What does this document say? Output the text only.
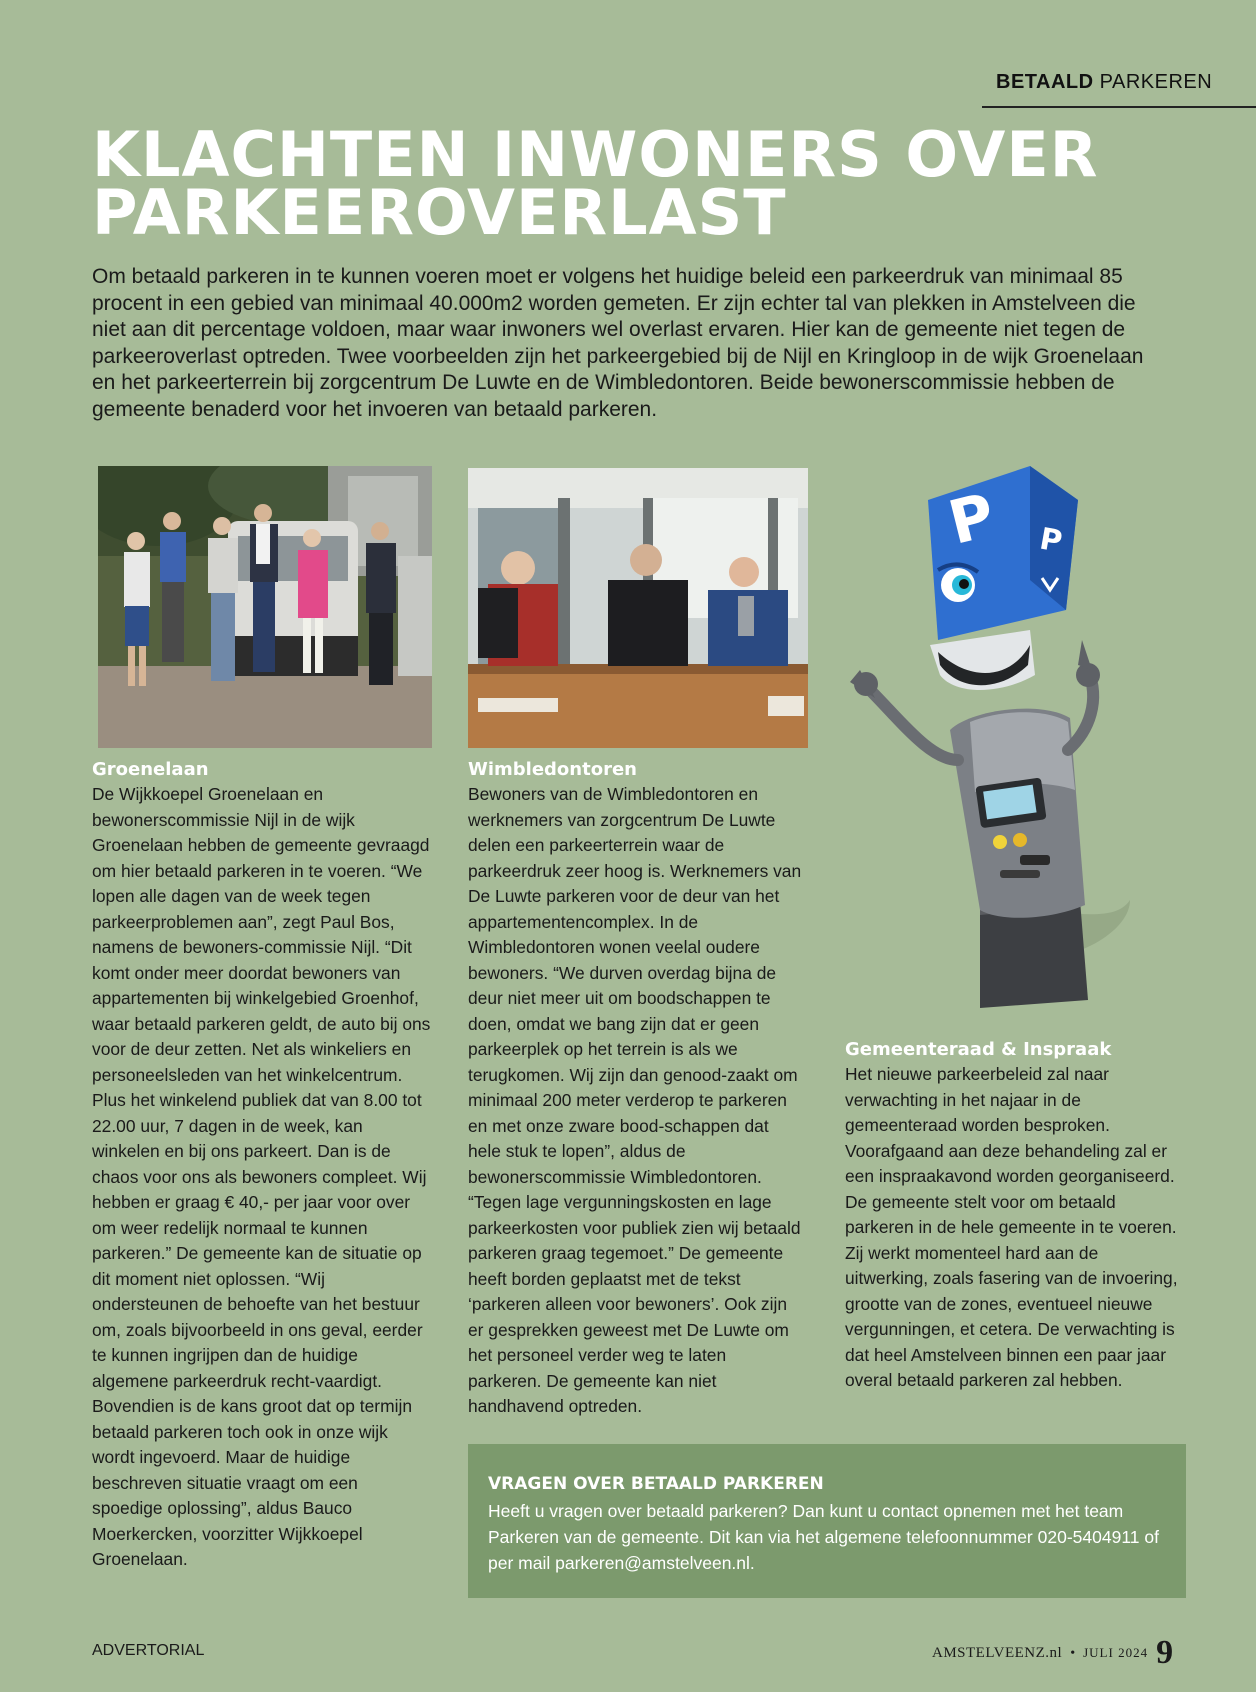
BETAALD PARKEREN
KLACHTEN INWONERS OVER
PARKEEROVERLAST

Om betaald parkeren in te kunnen voeren moet er volgens het huidige beleid een parkeerdruk van minimaal 85 procent in een gebied van minimaal 40.000m2 worden gemeten. Er zijn echter tal van plekken in Amstelveen die niet aan dit percentage voldoen, maar waar inwoners wel overlast ervaren. Hier kan de gemeente niet tegen de parkeeroverlast optreden. Twee voorbeelden zijn het parkeergebied bij de Nijl en Kringloop in de wijk Groenelaan en het parkeerterrein bij zorgcentrum De Luwte en de Wimbledontoren. Beide bewonerscommissie hebben de gemeente benaderd voor het invoeren van betaald parkeren.

P P
Groenelaan

De Wijkkoepel Groenelaan en bewonerscommissie Nijl in de wijk Groenelaan hebben de gemeente gevraagd om hier betaald parkeren in te voeren. “We lopen alle dagen van de week tegen parkeerproblemen aan”, zegt Paul Bos, namens de bewoners-commissie Nijl. “Dit komt onder meer doordat bewoners van appartementen bij winkelgebied Groenhof, waar betaald parkeren geldt, de auto bij ons voor de deur zetten. Net als winkeliers en personeelsleden van het winkelcentrum. Plus het winkelend publiek dat van 8.00 tot 22.00 uur, 7 dagen in de week, kan winkelen en bij ons parkeert. Dan is de chaos voor ons als bewoners compleet. Wij hebben er graag € 40,- per jaar voor over om weer redelijk normaal te kunnen parkeren.” De gemeente kan de situatie op dit moment niet oplossen. “Wij ondersteunen de behoefte van het bestuur om, zoals bijvoorbeeld in ons geval, eerder te kunnen ingrijpen dan de huidige algemene parkeerdruk recht-vaardigt. Bovendien is de kans groot dat op termijn betaald parkeren toch ook in onze wijk wordt ingevoerd. Maar de huidige beschreven situatie vraagt om een spoedige oplossing”, aldus Bauco Moerkercken, voorzitter Wijkkoepel Groenelaan.

Wimbledontoren

Bewoners van de Wimbledontoren en werknemers van zorgcentrum De Luwte delen een parkeerterrein waar de parkeerdruk zeer hoog is. Werknemers van De Luwte parkeren voor de deur van het appartementencomplex. In de Wimbledontoren wonen veelal oudere bewoners. “We durven overdag bijna de deur niet meer uit om boodschappen te doen, omdat we bang zijn dat er geen parkeerplek op het terrein is als we terugkomen. Wij zijn dan genood-zaakt om minimaal 200 meter verderop te parkeren en met onze zware bood-schappen dat hele stuk te lopen”, aldus de bewonerscommissie Wimbledontoren. “Tegen lage vergunningskosten en lage parkeerkosten voor publiek zien wij betaald parkeren graag tegemoet.” De gemeente heeft borden geplaatst met de tekst ‘parkeren alleen voor bewoners’. Ook zijn er gesprekken geweest met De Luwte om het personeel verder weg te laten parkeren. De gemeente kan niet handhavend optreden.

Gemeenteraad & Inspraak

Het nieuwe parkeerbeleid zal naar verwachting in het najaar in de gemeenteraad worden besproken. Voorafgaand aan deze behandeling zal er een inspraakavond worden georganiseerd. De gemeente stelt voor om betaald parkeren in de hele gemeente in te voeren. Zij werkt momenteel hard aan de uitwerking, zoals fasering van de invoering, grootte van de zones, eventueel nieuwe vergunningen, et cetera. De verwachting is dat heel Amstelveen binnen een paar jaar overal betaald parkeren zal hebben.

VRAGEN OVER BETAALD PARKEREN

Heeft u vragen over betaald parkeren? Dan kunt u contact opnemen met het team Parkeren van de gemeente. Dit kan via het algemene telefoonnummer 020-5404911 of per mail parkeren@amstelveen.nl.

ADVERTORIAL	AMSTELVEENZ.nl • JULI 2024 9
